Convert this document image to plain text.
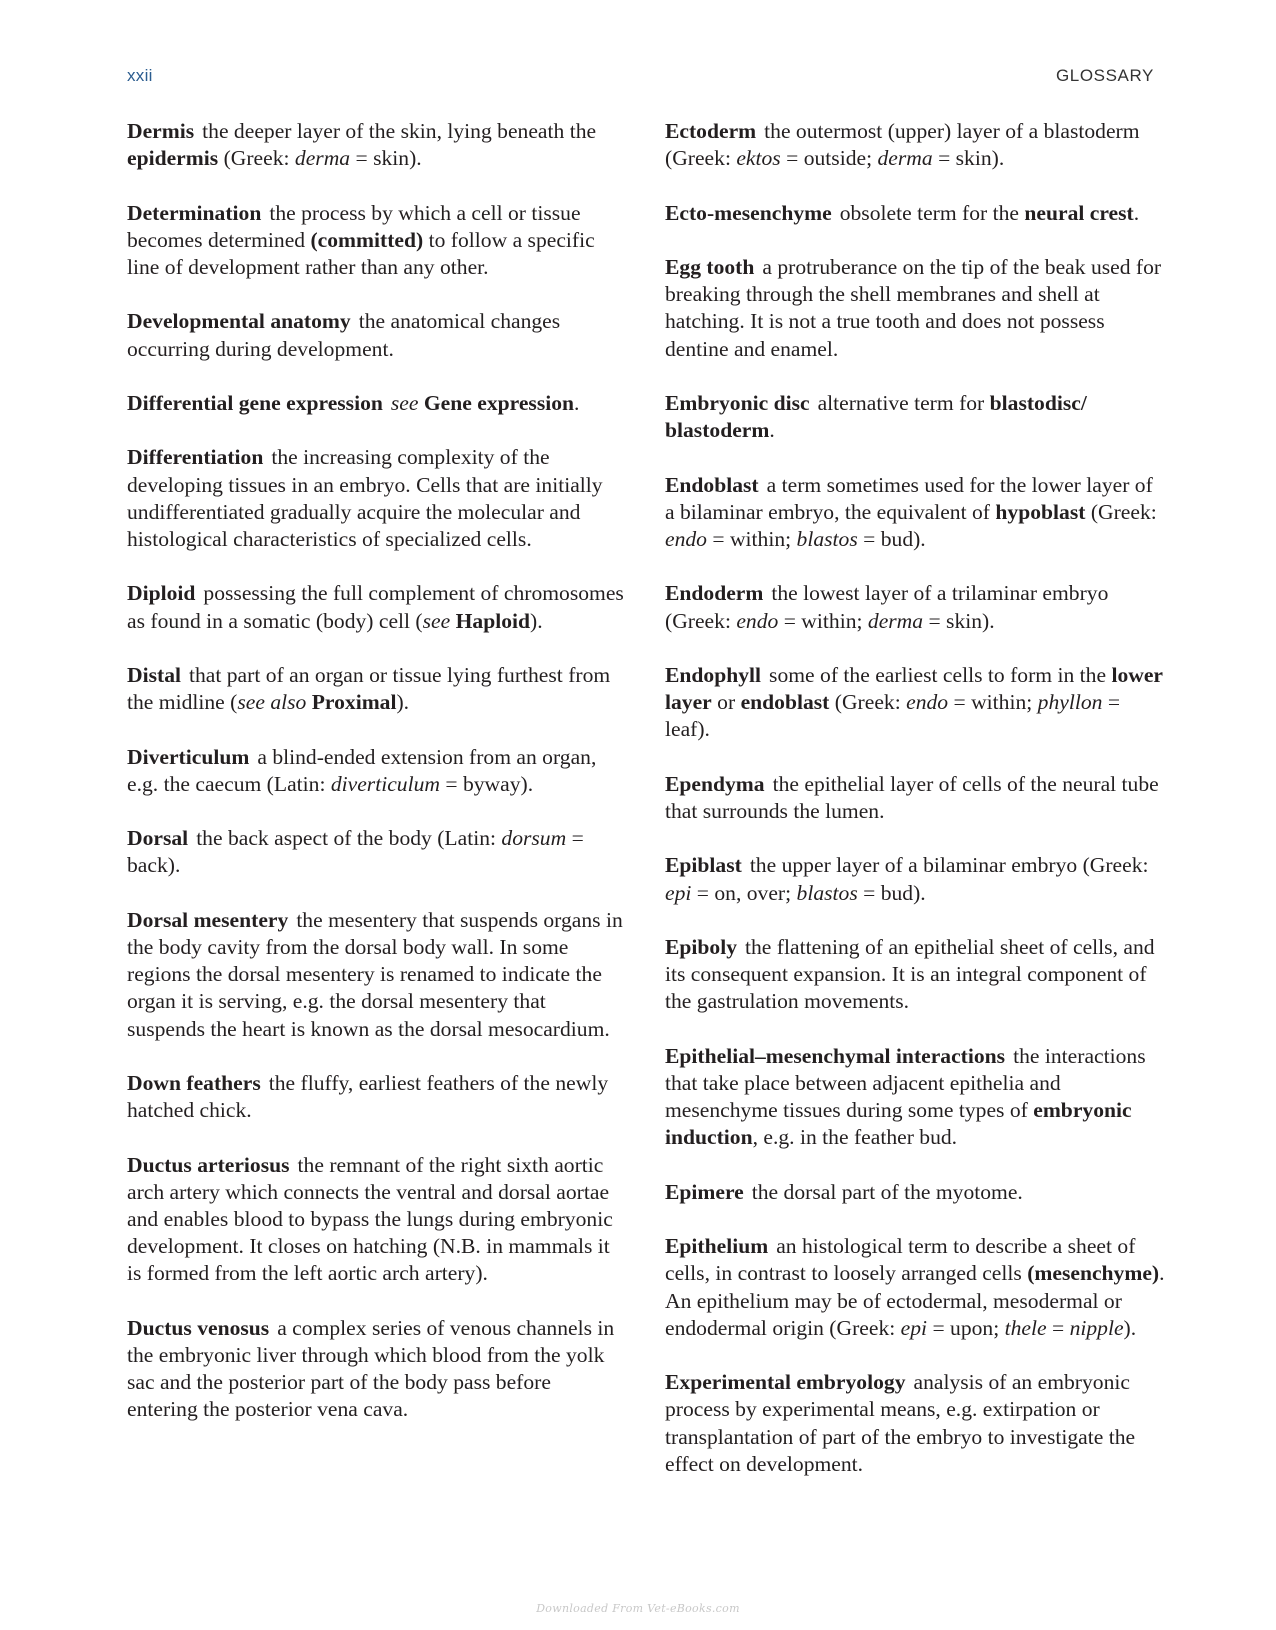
xxii	GLOSSARY

Dermis the deeper layer of the skin, lying beneath the epidermis (Greek: derma = skin).

Determination the process by which a cell or tissue becomes determined (committed) to follow a specific line of development rather than any other.

Developmental anatomy the anatomical changes occurring during development.

Differential gene expression see Gene expression.

Differentiation the increasing complexity of the developing tissues in an embryo. Cells that are initially undifferentiated gradually acquire the molecular and histological characteristics of specialized cells.

Diploid possessing the full complement of chromosomes as found in a somatic (body) cell (see Haploid).

Distal that part of an organ or tissue lying furthest from the midline (see also Proximal).

Diverticulum a blind-ended extension from an organ, e.g. the caecum (Latin: diverticulum = byway).

Dorsal the back aspect of the body (Latin: dorsum = back).

Dorsal mesentery the mesentery that suspends organs in the body cavity from the dorsal body wall. In some regions the dorsal mesentery is renamed to indicate the organ it is serving, e.g. the dorsal mesentery that suspends the heart is known as the dorsal mesocardium.

Down feathers the fluffy, earliest feathers of the newly hatched chick.

Ductus arteriosus the remnant of the right sixth aortic arch artery which connects the ventral and dorsal aortae and enables blood to bypass the lungs during embryonic development. It closes on hatching (N.B. in mammals it is formed from the left aortic arch artery).

Ductus venosus a complex series of venous channels in the embryonic liver through which blood from the yolk sac and the posterior part of the body pass before entering the posterior vena cava.

Ectoderm the outermost (upper) layer of a blastoderm (Greek: ektos = outside; derma = skin).

Ecto-mesenchyme obsolete term for the neural crest.

Egg tooth a protruberance on the tip of the beak used for breaking through the shell membranes and shell at hatching. It is not a true tooth and does not possess dentine and enamel.

Embryonic disc alternative term for blastodisc/ blastoderm.

Endoblast a term sometimes used for the lower layer of a bilaminar embryo, the equivalent of hypoblast (Greek: endo = within; blastos = bud).

Endoderm the lowest layer of a trilaminar embryo (Greek: endo = within; derma = skin).

Endophyll some of the earliest cells to form in the lower layer or endoblast (Greek: endo = within; phyllon = leaf).

Ependyma the epithelial layer of cells of the neural tube that surrounds the lumen.

Epiblast the upper layer of a bilaminar embryo (Greek: epi = on, over; blastos = bud).

Epiboly the flattening of an epithelial sheet of cells, and its consequent expansion. It is an integral component of the gastrulation movements.

Epithelial–mesenchymal interactions the interactions that take place between adjacent epithelia and mesenchyme tissues during some types of embryonic induction, e.g. in the feather bud.

Epimere the dorsal part of the myotome.

Epithelium an histological term to describe a sheet of cells, in contrast to loosely arranged cells (mesenchyme). An epithelium may be of ectodermal, mesodermal or endodermal origin (Greek: epi = upon; thele = nipple).

Experimental embryology analysis of an embryonic process by experimental means, e.g. extirpation or transplantation of part of the embryo to investigate the effect on development.

Downloaded From Vet-eBooks.com
